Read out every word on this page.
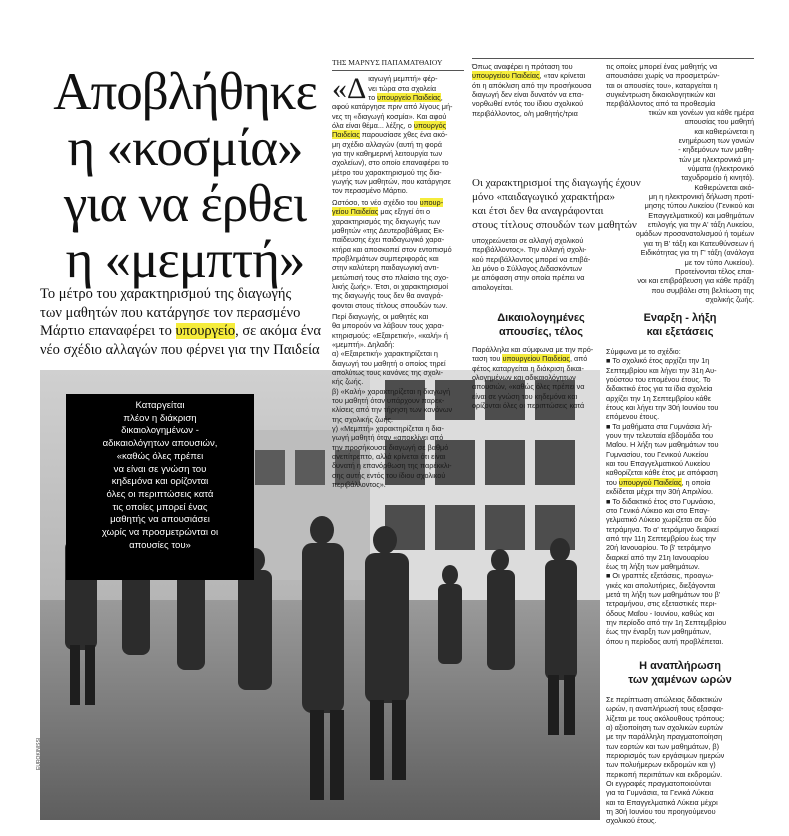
Αποβλήθηκε
η «κοσμία»
για να έρθει
η «μεμπτή»
Το μέτρο του χαρακτηρισμού της διαγωγής
των μαθητών που κατάργησε τον περασμένο
Μάρτιο επαναφέρει το υπουργείο, σε ακόμα ένα
νέο σχέδιο αλλαγών που φέρνει για την Παιδεία
EUROKINISSI
Καταργείται
πλέον η διάκριση
δικαιολογημένων -
αδικαιολόγητων απουσιών,
«καθώς όλες πρέπει
να είναι σε γνώση του
κηδεμόνα και ορίζονται
όλες οι περιπτώσεις κατά
τις οποίες μπορεί ένας
μαθητής να απουσιάσει
χωρίς να προσμετρώνται οι
απουσίες του»
ΤΗΣ ΜΑΡΝΥΣ ΠΑΠΑΜΑΤΘΑΙΟΥ
«Δ ιαγωγή μεμπτή» φέρ-
νει τώρα στα σχολεία
το υπουργείο Παιδείας,
αφού κατάργησε πριν από λίγους μή-
νες τη «διαγωγή κοσμία». Και αφού
όλα είναι θέμα... λέξης, ο υπουργός
Παιδείας παρουσίασε χθες ένα ακό-
μη σχέδιο αλλαγών (αυτή τη φορά
για την καθημερινή λειτουργία των
σχολείων), στο οποίο επαναφέρει το
μέτρο του χαρακτηρισμού της δια-
γωγής των μαθητών, που κατάργησε
τον περασμένο Μάρτιο.
Ωστόσο, το νέο σχέδιο του υπουρ-
γείου Παιδείας μας εξηγεί ότι ο
χαρακτηρισμός της διαγωγής των
μαθητών «της Δευτεροβάθμιας Εκ-
παίδευσης έχει παιδαγωγικό χαρα-
κτήρα και αποσκοπεί στον εντοπισμό
προβλημάτων συμπεριφοράς και
στην καλύτερη παιδαγωγική αντι-
μετώπισή τους στο πλαίσιο της σχο-
λικής ζωής». Έτσι, οι χαρακτηρισμοί
της διαγωγής τους δεν θα αναγρά-
φονται στους τίτλους σπουδών των.
Περί διαγωγής, οι μαθητές και
θα μπορούν να λάβουν τους χαρα-
κτηρισμούς: «Εξαιρετική», «καλή» ή
«μεμπτή». Δηλαδή:
α) «Εξαιρετική» χαρακτηρίζεται η
διαγωγή του μαθητή ο οποίος τηρεί
απολύτως τους κανόνες της σχολι-
κής ζωής.
β) «Καλή» χαρακτηρίζεται η διαγωγή
του μαθητή όταν υπάρχουν παρεκ-
κλίσεις από την τήρηση των κανόνων
της σχολικής ζωής.
γ) «Μεμπτή» χαρακτηρίζεται η δια-
γωγή μαθητή όταν «αποκλίνει από
την προσήκουσα διαγωγή σε βαθμό
ανεπίτρεπτο, αλλά κρίνεται ότι είναι
δυνατή η επανόρθωση της παρέκκλι-
σης αυτής εντός του ίδιου σχολικού
περιβάλλοντος».
Όπως αναφέρει η πρόταση του
υπουργείου Παιδείας, «ταν κρίνεται
ότι η απόκλιση από την προσήκουσα
διαγωγή δεν είναι δυνατόν να επα-
νορθωθεί εντός του ίδιου σχολικού
περιβάλλοντος, ο/η μαθητής/τρια
Οι χαρακτηρισμοί της διαγωγής έχουν
μόνο «παιδαγωγικό χαρακτήρα»
και έτσι δεν θα αναγράφονται
στους τίτλους σπουδών των μαθητών
υποχρεώνεται σε αλλαγή σχολικού
περιβάλλοντος». Την αλλαγή σχολι-
κού περιβάλλοντος μπορεί να επιβά-
λει μόνο ο Σύλλογος Διδασκόντων
με απόφαση στην οποία πρέπει να
αιτιολογείται.
Δικαιολογημένες
απουσίες, τέλος
Παράλληλα και σύμφωνα με την πρό-
ταση του υπουργείου Παιδείας, από
φέτος καταργείται η διάκριση δικαι-
ολογημένων και αδικαιολόγητων
απουσιών, «καθώς όλες πρέπει να
είναι σε γνώση του κηδεμόνα και
ορίζονται όλες οι περιπτώσεις κατά
τις οποίες μπορεί ένας μαθητής να
απουσιάσει χωρίς να προσμετρών-
ται οι απουσίες του», καταργείται η
συγκέντρωση δικαιολογητικών και
περιβάλλοντος από τα προθεσμία
τικών και γονέων για κάθε ημέρα
απουσίας του μαθητή
και καθιερώνεται η
ενημέρωση των γονιών
- κηδεμόνων των μαθη-
τών με ηλεκτρονικά μη-
νύματα (ηλεκτρονικό
ταχυδρομείο ή κινητό).
Καθιερώνεται ακό-
μη η ηλεκτρονική δήλωση προτί-
μησης τύπου Λυκείου (Γενικού και
Επαγγελματικού) και μαθημάτων
επιλογής για την Α' τάξη Λυκείου,
ομάδων προσανατολισμού ή τομέων
για τη Β' τάξη και Κατευθύνσεων ή
Ειδικότητας για τη Γ' τάξη (ανάλογα
με τον τύπο Λυκείου).
Προτείνονται τέλος επαι-
νοι και επιβράβευση για κάθε πράξη
που συμβάλει στη βελτίωση της
σχολικής ζωής.
Εναρξη - λήξη
και εξετάσεις
Σύμφωνα με το σχέδιο:
■ Το σχολικό έτος αρχίζει την 1η
Σεπτεμβρίου και λήγει την 31η Αυ-
γούστου του επομένου έτους. Το
διδακτικό έτος για τα ίδια σχολεία
αρχίζει την 1η Σεπτεμβρίου κάθε
έτους και λήγει την 30ή Ιουνίου του
επόμενου έτους.
■ Τα μαθήματα στα Γυμνάσια λή-
γουν την τελευταία εβδομάδα του
Μαΐου. Η λήξη των μαθημάτων του
Γυμνασίου, του Γενικού Λυκείου
και του Επαγγελματικού Λυκείου
καθορίζεται κάθε έτος με απόφαση
του υπουργού Παιδείας, η οποία
εκδίδεται μέχρι την 30ή Απριλίου.
■ Το διδακτικό έτος στο Γυμνάσιο,
στο Γενικό Λύκειο και στο Επαγ-
γελματικό Λύκειο χωρίζεται σε δύο
τετράμηνα. Το α' τετράμηνο διαρκεί
από την 11η Σεπτεμβρίου έως την
20ή Ιανουαρίου. Το β' τετράμηνο
διαρκεί από την 21η Ιανουαρίου
έως τη λήξη των μαθημάτων.
■ Οι γραπτές εξετάσεις, προαγω-
γικές και απολυτήριες, διεξάγονται
μετά τη λήξη των μαθημάτων του β'
τετραμήνου, στις εξεταστικές περι-
όδους Μαΐου - Ιουνίου, καθώς και
την περίοδο από την 1η Σεπτεμβρίου
έως την έναρξη των μαθημάτων,
όπου η περίοδος αυτή προβλέπεται.
Η αναπλήρωση
των χαμένων ωρών
Σε περίπτωση απώλειας διδακτικών
ωρών, η αναπλήρωσή τους εξασφα-
λίζεται με τους ακόλουθους τρόπους:
α) αξιοποίηση των σχολικών ευρτών
με την παράλληλη πραγματοποίηση
των εορτών και των μαθημάτων, β)
περιορισμός των εργάσιμων ημερών
των πολυήμερων εκδρομών και γ)
περικοπή περιπάτων και εκδρομών.
Οι εγγραφές πραγματοποιούνται
για τα Γυμνάσια, τα Γενικά Λύκεια
και τα Επαγγελματικά Λύκεια μέχρι
τη 30ή Ιουνίου του προηγούμενου
σχολικού έτους.
